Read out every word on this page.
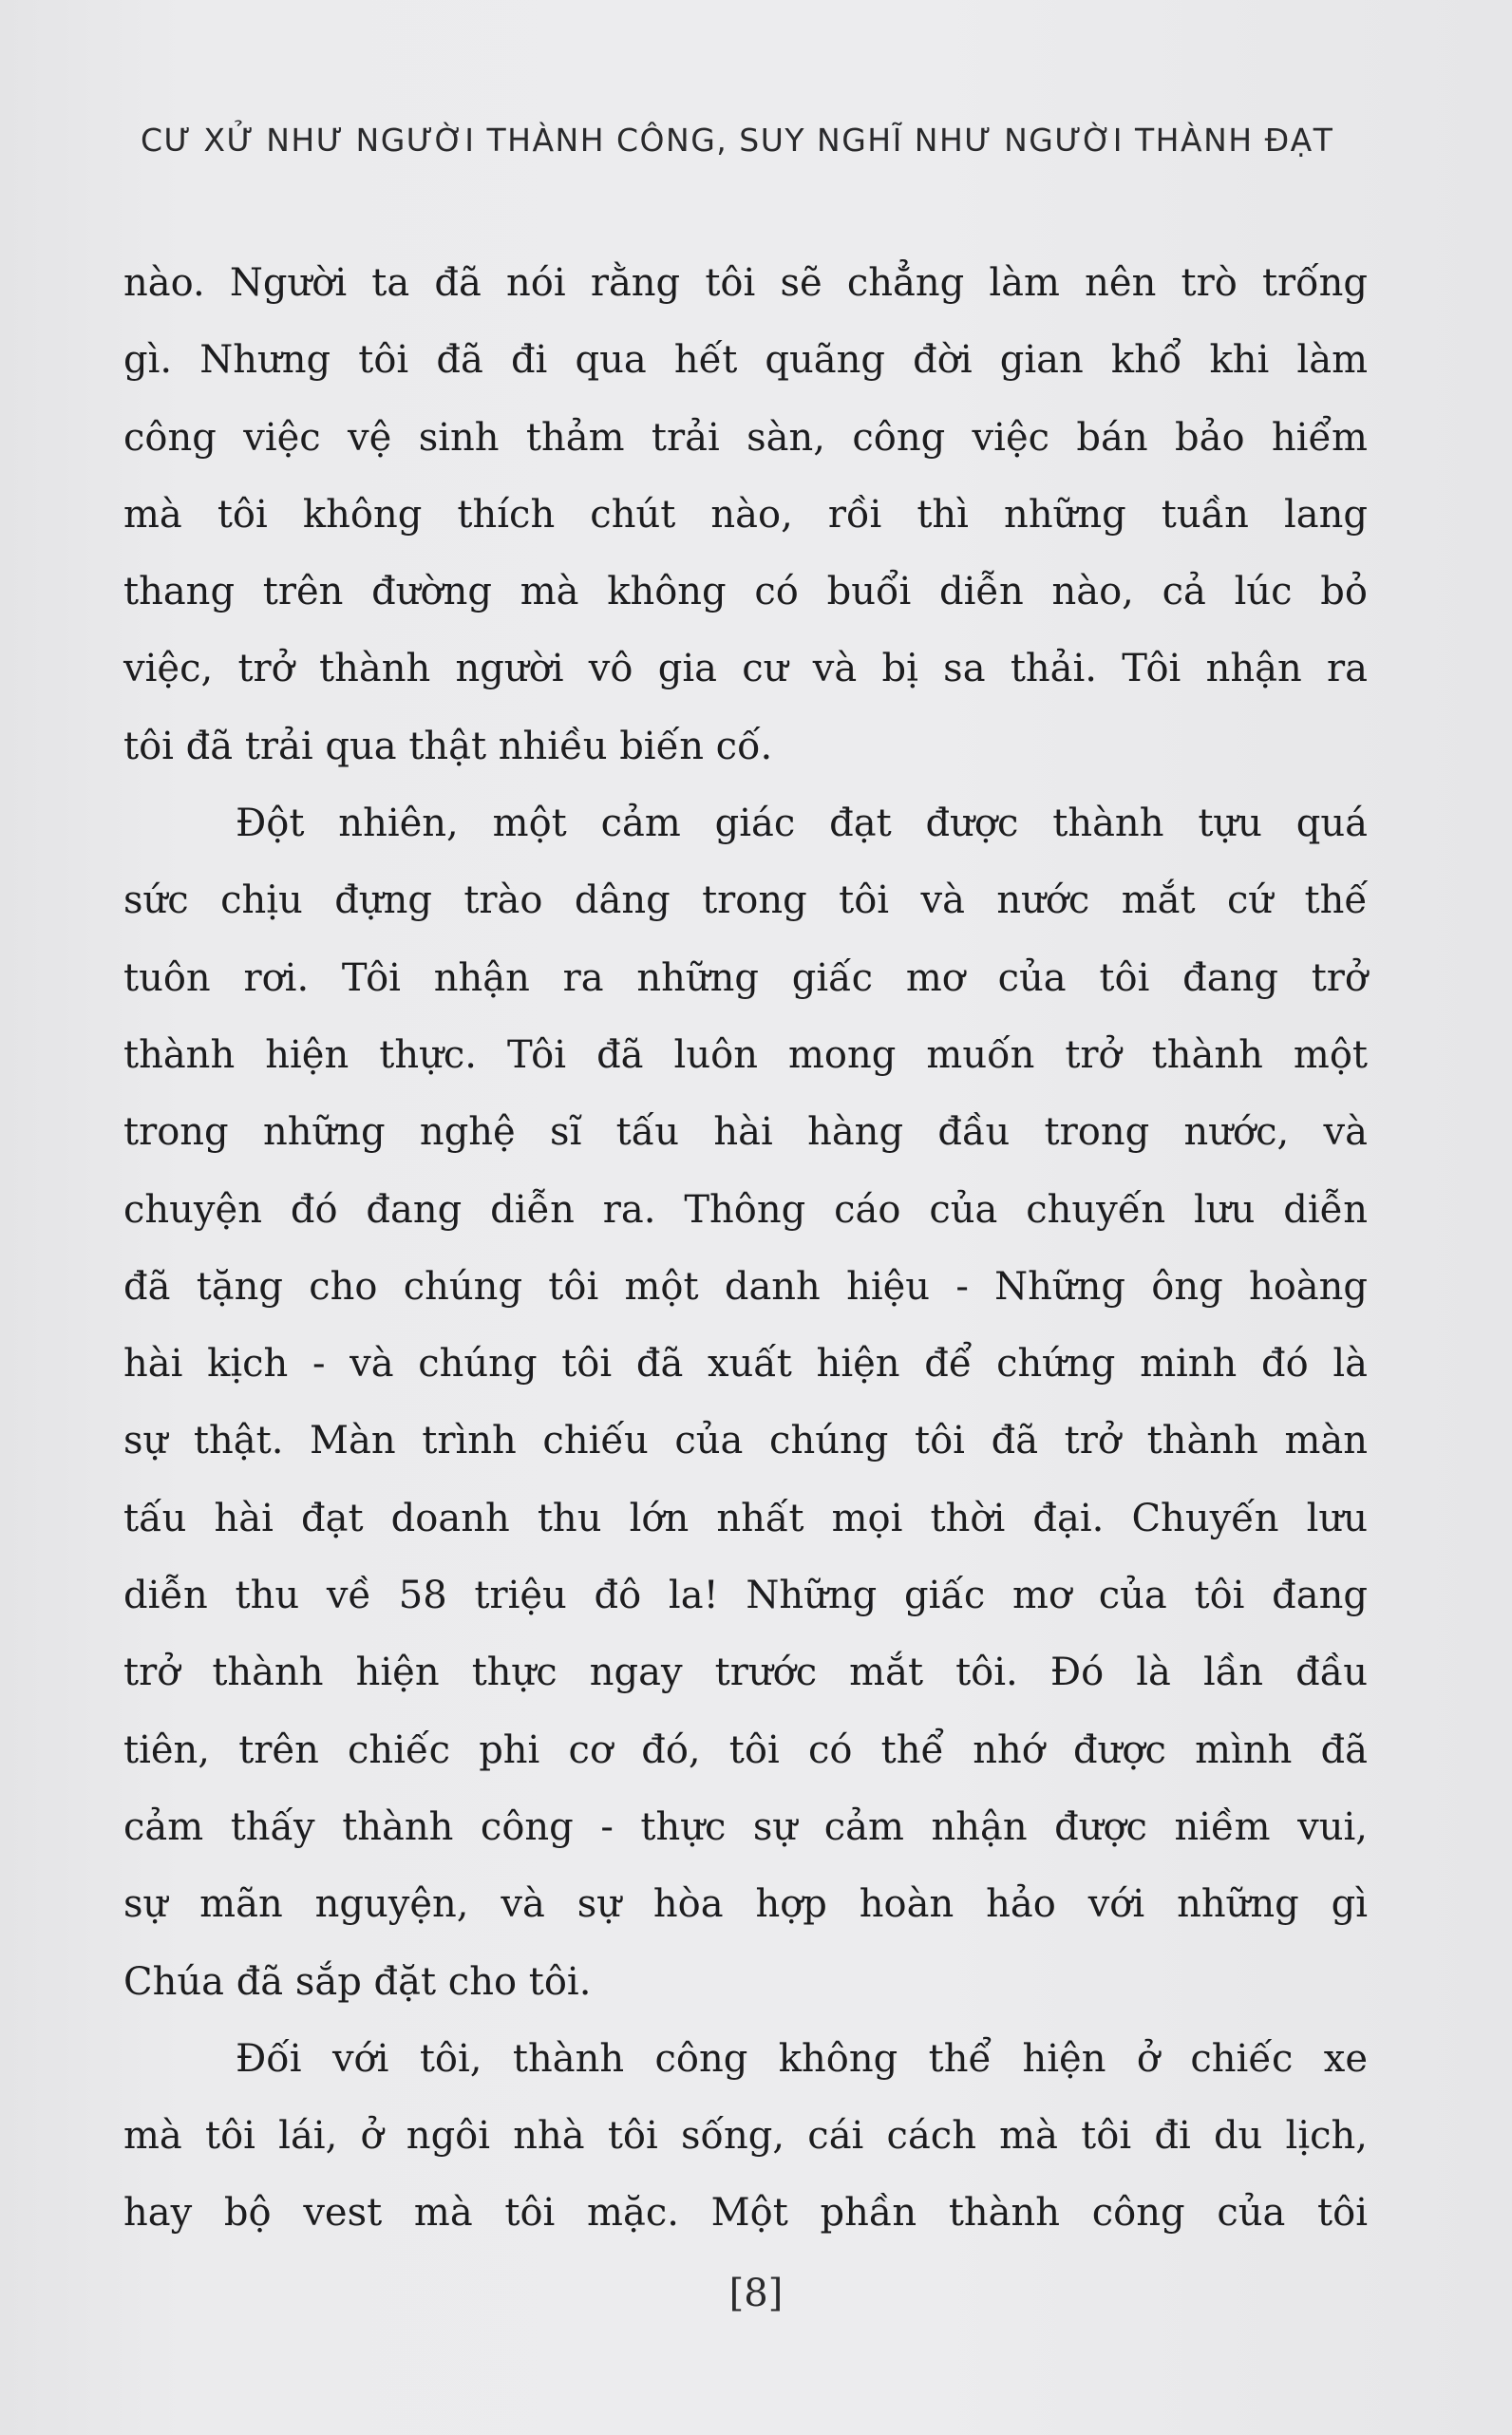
CƯ XỬ NHƯ NGƯỜI THÀNH CÔNG, SUY NGHĨ NHƯ NGƯỜI THÀNH ĐẠT
nào. Người ta đã nói rằng tôi sẽ chẳng làm nên trò trống
gì. Nhưng tôi đã đi qua hết quãng đời gian khổ khi làm
công việc vệ sinh thảm trải sàn, công việc bán bảo hiểm
mà tôi không thích chút nào, rồi thì những tuần lang
thang trên đường mà không có buổi diễn nào, cả lúc bỏ
việc, trở thành người vô gia cư và bị sa thải. Tôi nhận ra
tôi đã trải qua thật nhiều biến cố.
Đột nhiên, một cảm giác đạt được thành tựu quá
sức chịu đựng trào dâng trong tôi và nước mắt cứ thế
tuôn rơi. Tôi nhận ra những giấc mơ của tôi đang trở
thành hiện thực. Tôi đã luôn mong muốn trở thành một
trong những nghệ sĩ tấu hài hàng đầu trong nước, và
chuyện đó đang diễn ra. Thông cáo của chuyến lưu diễn
đã tặng cho chúng tôi một danh hiệu - Những ông hoàng
hài kịch - và chúng tôi đã xuất hiện để chứng minh đó là
sự thật. Màn trình chiếu của chúng tôi đã trở thành màn
tấu hài đạt doanh thu lớn nhất mọi thời đại. Chuyến lưu
diễn thu về 58 triệu đô la! Những giấc mơ của tôi đang
trở thành hiện thực ngay trước mắt tôi. Đó là lần đầu
tiên, trên chiếc phi cơ đó, tôi có thể nhớ được mình đã
cảm thấy thành công - thực sự cảm nhận được niềm vui,
sự mãn nguyện, và sự hòa hợp hoàn hảo với những gì
Chúa đã sắp đặt cho tôi.
Đối với tôi, thành công không thể hiện ở chiếc xe
mà tôi lái, ở ngôi nhà tôi sống, cái cách mà tôi đi du lịch,
hay bộ vest mà tôi mặc. Một phần thành công của tôi
[8]
